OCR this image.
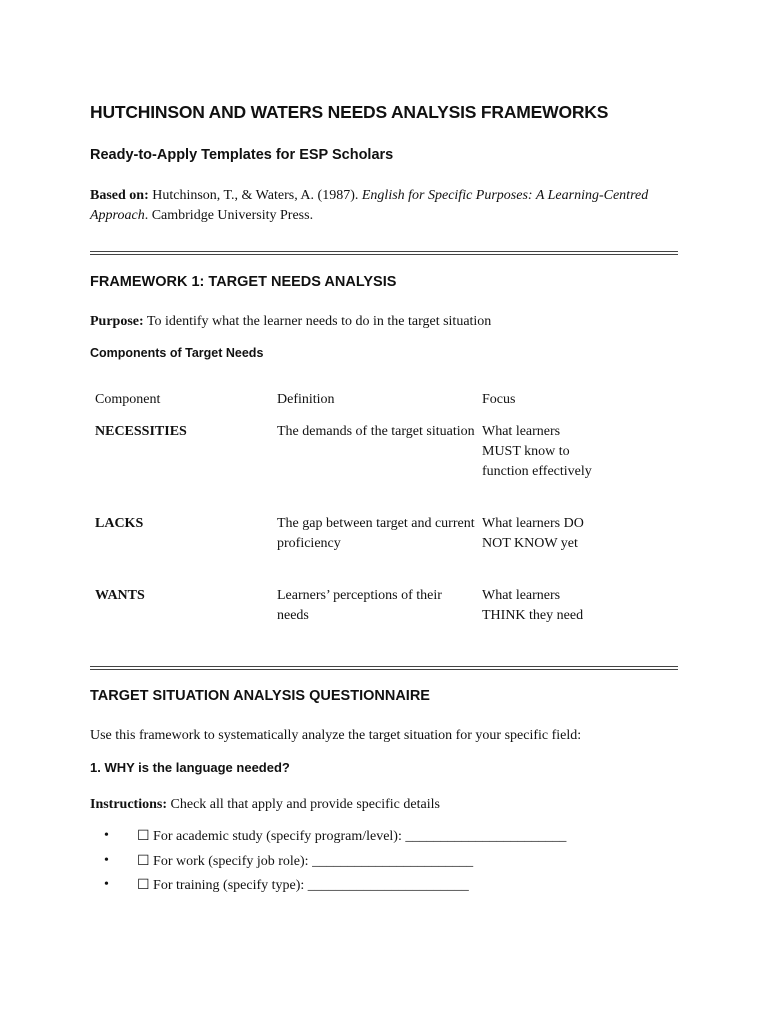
HUTCHINSON AND WATERS NEEDS ANALYSIS FRAMEWORKS
Ready-to-Apply Templates for ESP Scholars
Based on: Hutchinson, T., & Waters, A. (1987). English for Specific Purposes: A Learning-Centred Approach. Cambridge University Press.
FRAMEWORK 1: TARGET NEEDS ANALYSIS
Purpose: To identify what the learner needs to do in the target situation
Components of Target Needs
Component	Definition	Focus
NECESSITIES	The demands of the target situation	What learners MUST know to function effectively
LACKS	The gap between target and current proficiency	What learners DO NOT KNOW yet
WANTS	Learners’ perceptions of their needs	What learners THINK they need
TARGET SITUATION ANALYSIS QUESTIONNAIRE
Use this framework to systematically analyze the target situation for your specific field:
1. WHY is the language needed?
Instructions: Check all that apply and provide specific details
• ☐ For academic study (specify program/level): _______________________
• ☐ For work (specify job role): _______________________
• ☐ For training (specify type): _______________________
